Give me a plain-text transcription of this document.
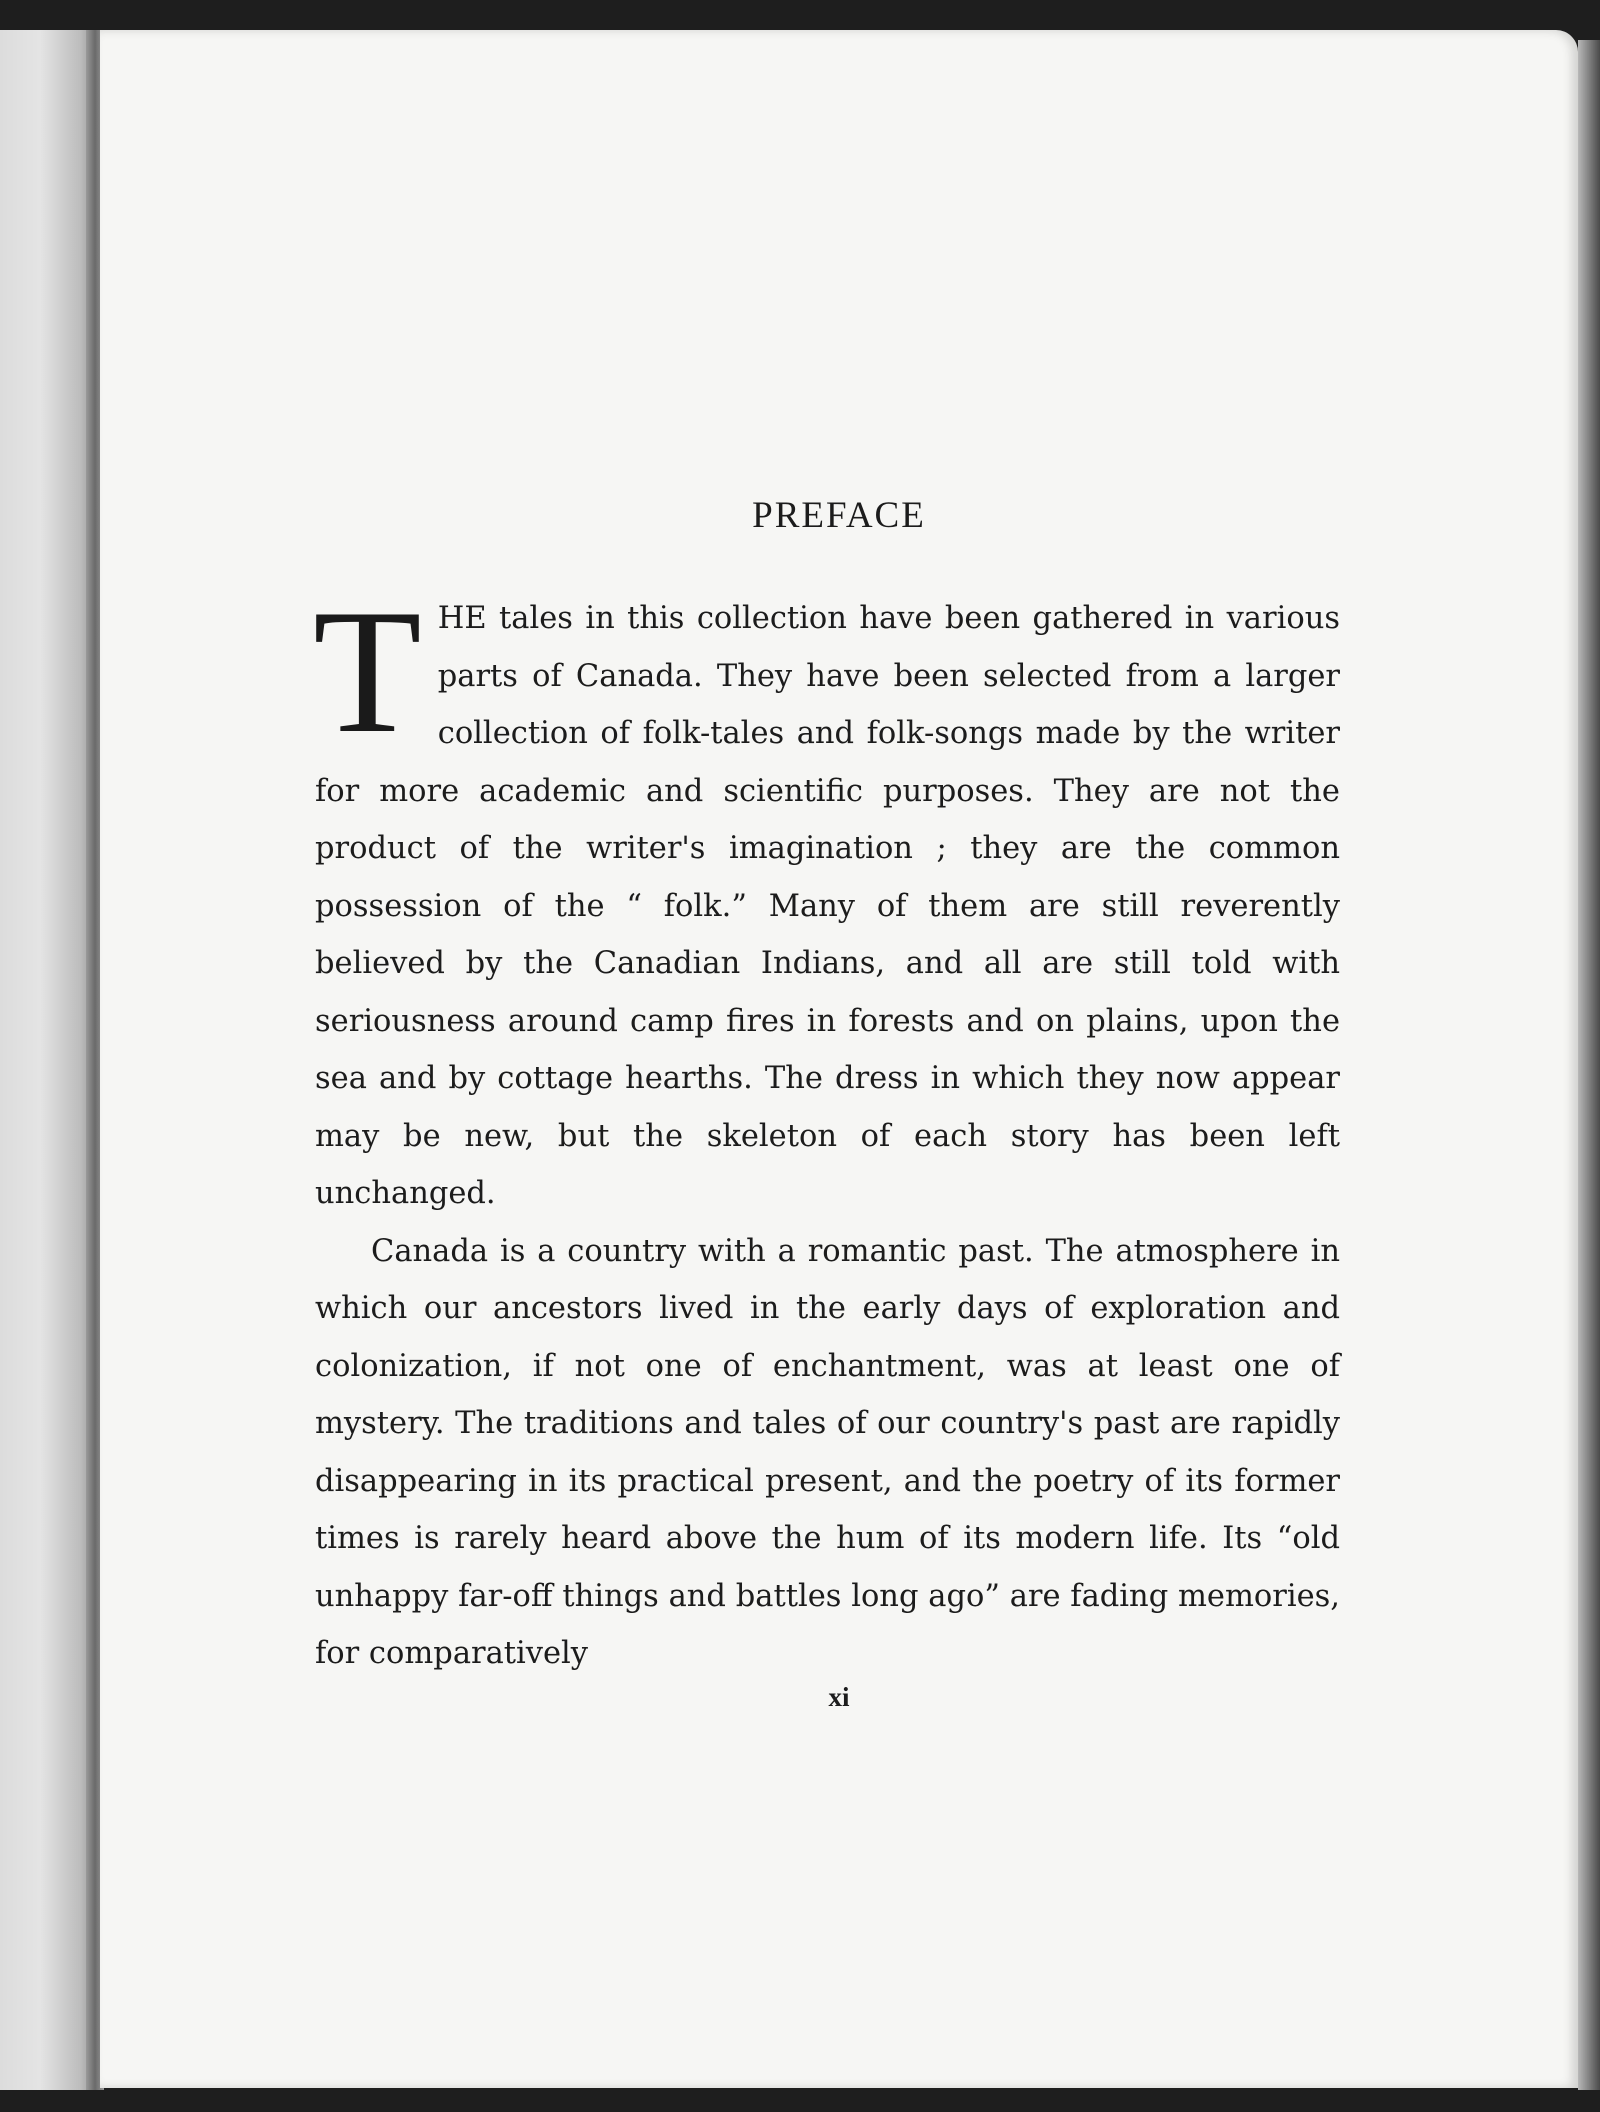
PREFACE

THE tales in this collection have been gathered in various parts of Canada. They have been selected from a larger collection of folk-tales and folk-songs made by the writer for more academic and scientific purposes. They are not the product of the writer's imagination ; they are the common possession of the “ folk.” Many of them are still reverently believed by the Canadian Indians, and all are still told with seriousness around camp fires in forests and on plains, upon the sea and by cottage hearths. The dress in which they now appear may be new, but the skeleton of each story has been left unchanged.

Canada is a country with a romantic past. The atmosphere in which our ancestors lived in the early days of exploration and colonization, if not one of enchantment, was at least one of mystery. The traditions and tales of our country's past are rapidly disappearing in its practical present, and the poetry of its former times is rarely heard above the hum of its modern life. Its “old unhappy far-off things and battles long ago” are fading memories, for comparatively

xi
